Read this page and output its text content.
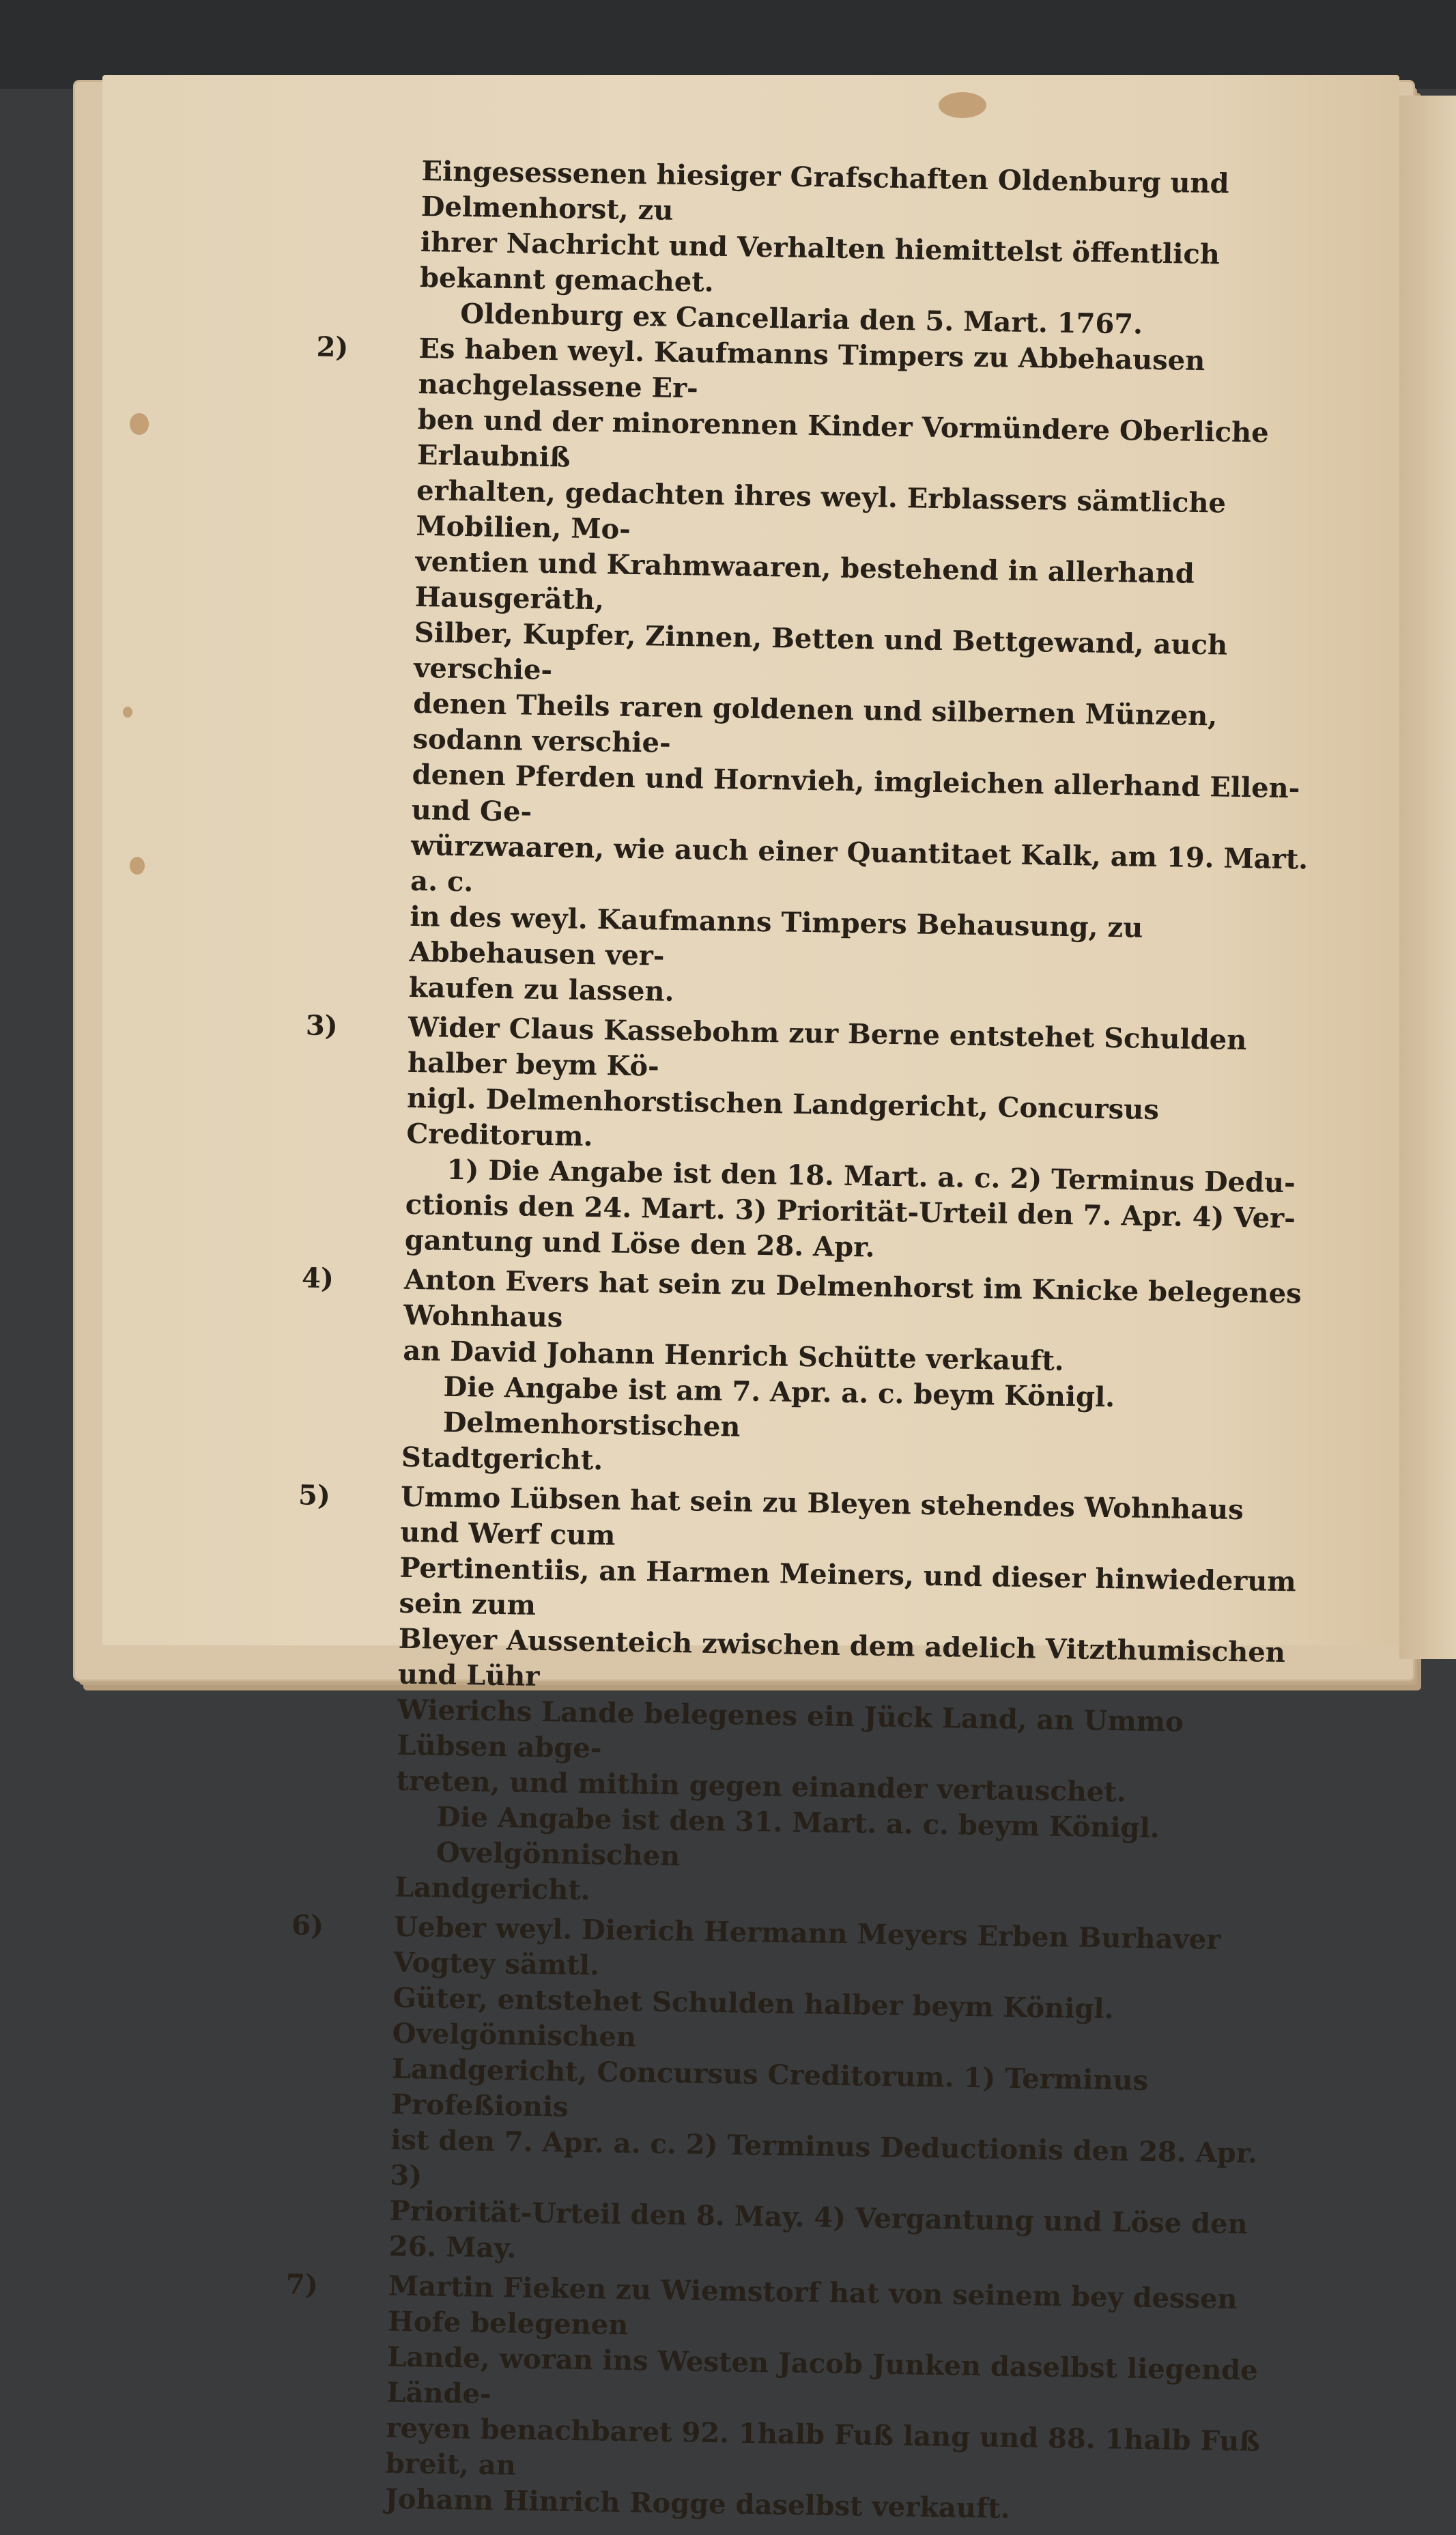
Eingesessenen hiesiger Grafschaften Oldenburg und Delmenhorst, zu

ihrer Nachricht und Verhalten hiemittelst öffentlich bekannt gemachet.

Oldenburg ex Cancellaria den 5. Mart. 1767.

2)	Es haben weyl. Kaufmanns Timpers zu Abbehausen nachgelassene Er-

ben und der minorennen Kinder Vormündere Oberliche Erlaubniß

erhalten, gedachten ihres weyl. Erblassers sämtliche Mobilien, Mo-

ventien und Krahmwaaren, bestehend in allerhand Hausgeräth,

Silber, Kupfer, Zinnen, Betten und Bettgewand, auch verschie-

denen Theils raren goldenen und silbernen Münzen, sodann verschie-

denen Pferden und Hornvieh, imgleichen allerhand Ellen- und Ge-

würzwaaren, wie auch einer Quantitaet Kalk, am 19. Mart. a. c.

in des weyl. Kaufmanns Timpers Behausung, zu Abbehausen ver-

kaufen zu lassen.

3)	Wider Claus Kassebohm zur Berne entstehet Schulden halber beym Kö-

nigl. Delmenhorstischen Landgericht, Concursus Creditorum.

1) Die Angabe ist den 18. Mart. a. c. 2) Terminus Dedu-

ctionis den 24. Mart. 3) Priorität-Urteil den 7. Apr. 4) Ver-

gantung und Löse den 28. Apr.

4)	Anton Evers hat sein zu Delmenhorst im Knicke belegenes Wohnhaus

an David Johann Henrich Schütte verkauft.

Die Angabe ist am 7. Apr. a. c. beym Königl. Delmenhorstischen

Stadtgericht.

5)	Ummo Lübsen hat sein zu Bleyen stehendes Wohnhaus und Werf cum

Pertinentiis, an Harmen Meiners, und dieser hinwiederum sein zum

Bleyer Aussenteich zwischen dem adelich Vitzthumischen und Lühr

Wierichs Lande belegenes ein Jück Land, an Ummo Lübsen abge-

treten, und mithin gegen einander vertauschet.

Die Angabe ist den 31. Mart. a. c. beym Königl. Ovelgönnischen

Landgericht.

6)	Ueber weyl. Dierich Hermann Meyers Erben Burhaver Vogtey sämtl.

Güter, entstehet Schulden halber beym Königl. Ovelgönnischen

Landgericht, Concursus Creditorum. 1) Terminus Profeßionis

ist den 7. Apr. a. c. 2) Terminus Deductionis den 28. Apr. 3)

Priorität-Urteil den 8. May. 4) Vergantung und Löse den 26. May.

7)	Martin Fieken zu Wiemstorf hat von seinem bey dessen Hofe belegenen

Lande, woran ins Westen Jacob Junken daselbst liegende Lände-

reyen benachbaret 92. 1halb Fuß lang und 88. 1halb Fuß breit, an

Johann Hinrich Rogge daselbst verkauft.
